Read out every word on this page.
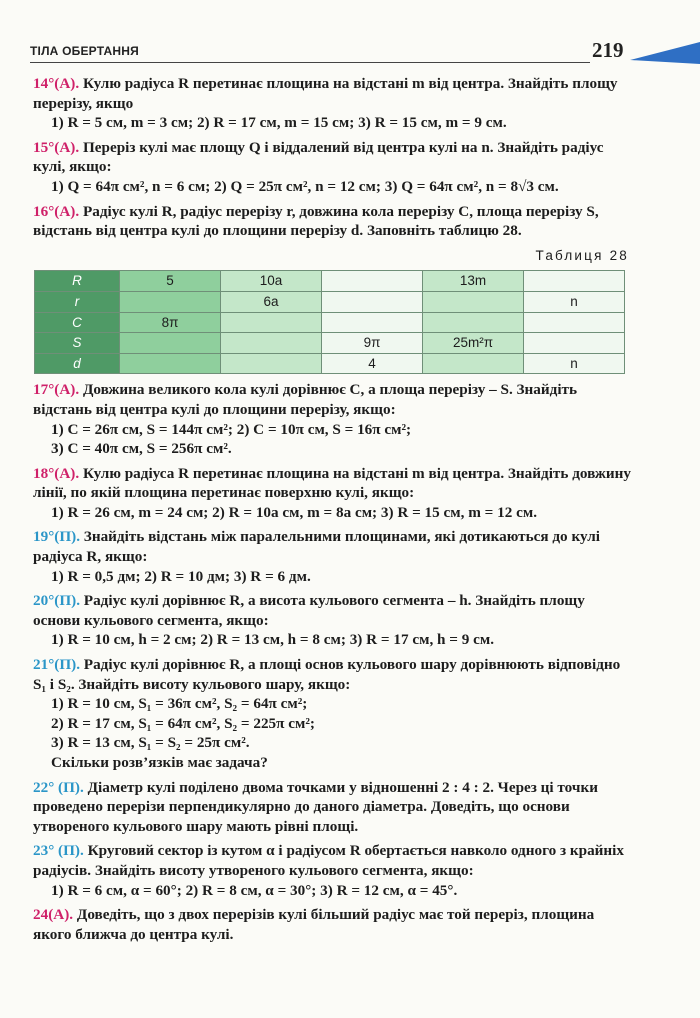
ТІЛА ОБЕРТАННЯ	219

14°(А). Кулю радіуса R перетинає площина на відстані m від центра. Знайдіть площу перерізу, якщо

1) R = 5 см, m = 3 см; 2) R = 17 см, m = 15 см; 3) R = 15 см, m = 9 см.

15°(А). Переріз кулі має площу Q і віддалений від центра кулі на n. Знайдіть радіус кулі, якщо:

1) Q = 64π см², n = 6 см; 2) Q = 25π см², n = 12 см; 3) Q = 64π см², n = 8√3 см.

16°(А). Радіус кулі R, радіус перерізу r, довжина кола перерізу C, площа перерізу S, відстань від центра кулі до площини перерізу d. Заповніть таблицю 28.

Таблиця 28
R	5	10a		13m	
r		6a			n
C	8π				
S			9π	25m²π	
d			4		n

17°(А). Довжина великого кола кулі дорівнює C, а площа перерізу – S. Знайдіть відстань від центра кулі до площини перерізу, якщо:

1) C = 26π см, S = 144π см²; 2) C = 10π см, S = 16π см²;

3) C = 40π см, S = 256π см².

18°(А). Кулю радіуса R перетинає площина на відстані m від центра. Знайдіть довжину лінії, по якій площина перетинає поверхню кулі, якщо:

1) R = 26 см, m = 24 см; 2) R = 10a см, m = 8a см; 3) R = 15 см, m = 12 см.

19°(П). Знайдіть відстань між паралельними площинами, які дотикаються до кулі радіуса R, якщо:

1) R = 0,5 дм; 2) R = 10 дм; 3) R = 6 дм.

20°(П). Радіус кулі дорівнює R, а висота кульового сегмента – h. Знайдіть площу основи кульового сегмента, якщо:

1) R = 10 см, h = 2 см; 2) R = 13 см, h = 8 см; 3) R = 17 см, h = 9 см.

21°(П). Радіус кулі дорівнює R, а площі основ кульового шару дорівнюють відповідно S₁ і S₂. Знайдіть висоту кульового шару, якщо:

1) R = 10 см, S₁ = 36π см², S₂ = 64π см²;

2) R = 17 см, S₁ = 64π см², S₂ = 225π см²;

3) R = 13 см, S₁ = S₂ = 25π см².

Скільки розв’язків має задача?

22° (П). Діаметр кулі поділено двома точками у відношенні 2 : 4 : 2. Через ці точки проведено перерізи перпендикулярно до даного діаметра. Доведіть, що основи утвореного кульового шару мають рівні площі.

23° (П). Круговий сектор із кутом α і радіусом R обертається навколо одного з крайніх радіусів. Знайдіть висоту утвореного кульового сегмента, якщо:

1) R = 6 см, α = 60°; 2) R = 8 см, α = 30°; 3) R = 12 см, α = 45°.

24(А). Доведіть, що з двох перерізів кулі більший радіус має той переріз, площина якого ближча до центра кулі.
